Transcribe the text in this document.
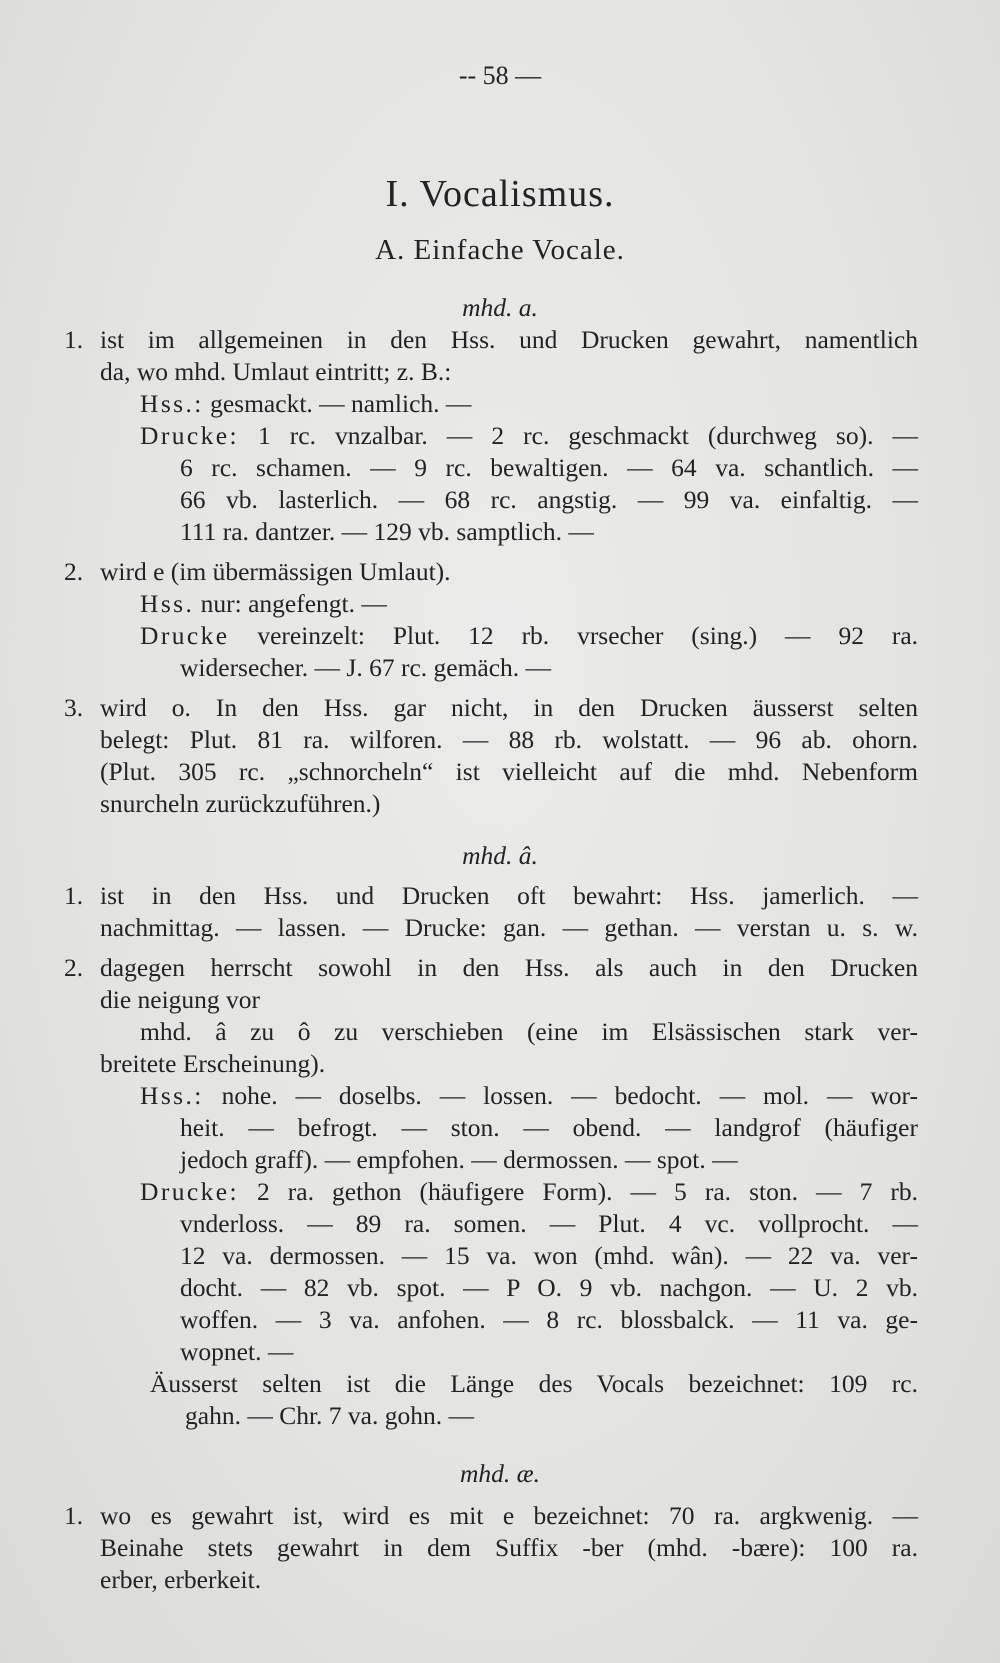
-- 58 —
I. Vocalismus.
A. Einfache Vocale.
mhd. a.
1. ist im allgemeinen in den Hss. und Drucken gewahrt, namentlich
da, wo mhd. Umlaut eintritt; z. B.:
Hss.: gesmackt. — namlich. —
Drucke: 1 rc. vnzalbar. — 2 rc. geschmackt (durchweg so). —
6 rc. schamen. — 9 rc. bewaltigen. — 64 va. schantlich. —
66 vb. lasterlich. — 68 rc. angstig. — 99 va. einfaltig. —
111 ra. dantzer. — 129 vb. samptlich. —
2. wird e (im übermässigen Umlaut).
Hss. nur: angefengt. —
Drucke vereinzelt: Plut. 12 rb. vrsecher (sing.) — 92 ra.
widersecher. — J. 67 rc. gemäch. —
3. wird o. In den Hss. gar nicht, in den Drucken äusserst selten
belegt: Plut. 81 ra. wilforen. — 88 rb. wolstatt. — 96 ab. ohorn.
(Plut. 305 rc. „schnorcheln“ ist vielleicht auf die mhd. Nebenform
snurcheln zurückzuführen.)
mhd. â.
1. ist in den Hss. und Drucken oft bewahrt: Hss. jamerlich. —
nachmittag. — lassen. — Drucke: gan. — gethan. — verstan u. s. w.
2. dagegen herrscht sowohl in den Hss. als auch in den Drucken
die neigung vor
mhd. â zu ô zu verschieben (eine im Elsässischen stark ver-
breitete Erscheinung).
Hss.: nohe. — doselbs. — lossen. — bedocht. — mol. — wor-
heit. — befrogt. — ston. — obend. — landgrof (häufiger
jedoch graff). — empfohen. — dermossen. — spot. —
Drucke: 2 ra. gethon (häufigere Form). — 5 ra. ston. — 7 rb.
vnderloss. — 89 ra. somen. — Plut. 4 vc. vollprocht. —
12 va. dermossen. — 15 va. won (mhd. wân). — 22 va. ver-
docht. — 82 vb. spot. — P O. 9 vb. nachgon. — U. 2 vb.
woffen. — 3 va. anfohen. — 8 rc. blossbalck. — 11 va. ge-
wopnet. —
Äusserst selten ist die Länge des Vocals bezeichnet: 109 rc.
gahn. — Chr. 7 va. gohn. —
mhd. æ.
1. wo es gewahrt ist, wird es mit e bezeichnet: 70 ra. argkwenig. —
Beinahe stets gewahrt in dem Suffix -ber (mhd. -bære): 100 ra.
erber, erberkeit.
